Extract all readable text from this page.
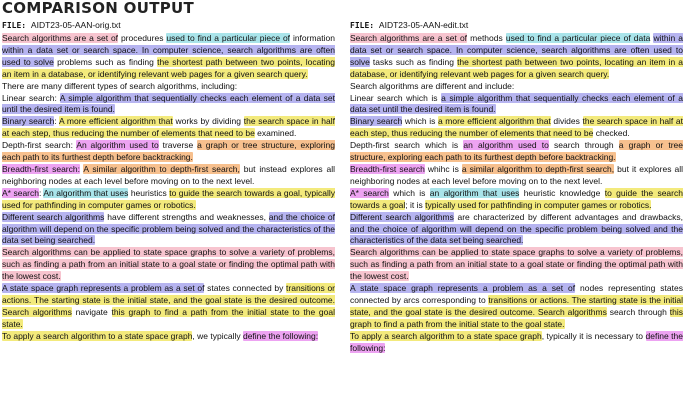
COMPARISON OUTPUT
FILE: AIDT23-05-AAN-orig.txt

Search algorithms are a set of procedures used to find a particular piece of information within a data set or search space. In computer science, search algorithms are often used to solve problems such as finding the shortest path between two points, locating an item in a database, or identifying relevant web pages for a given search query.

There are many different types of search algorithms, including:

Linear search: A simple algorithm that sequentially checks each element of a data set until the desired item is found.

Binary search: A more efficient algorithm that works by dividing the search space in half at each step, thus reducing the number of elements that need to be examined.

Depth-first search: An algorithm used to traverse a graph or tree structure, exploring each path to its furthest depth before backtracking.

Breadth-first search: A similar algorithm to depth-first search, but instead explores all neighboring nodes at each level before moving on to the next level.

A* search: An algorithm that uses heuristics to guide the search towards a goal, typically used for pathfinding in computer games or robotics.

Different search algorithms have different strengths and weaknesses, and the choice of algorithm will depend on the specific problem being solved and the characteristics of the data set being searched.

Search algorithms can be applied to state space graphs to solve a variety of problems, such as finding a path from an initial state to a goal state or finding the optimal path with the lowest cost.

A state space graph represents a problem as a set of states connected by transitions or actions. The starting state is the initial state, and the goal state is the desired outcome. Search algorithms navigate this graph to find a path from the initial state to the goal state.

To apply a search algorithm to a state space graph, we typically define the following:

FILE: AIDT23-05-AAN-edit.txt

Search algorithms are a set of methods used to find a particular piece of data within a data set or search space. In computer science, search algorithms are often used to solve tasks such as finding the shortest path between two points, locating an item in a database, or identifying relevant web pages for a given search query.

Search algorithms are different and include:

Linear search which is a simple algorithm that sequentially checks each element of a data set until the desired item is found.

Binary search which is a more efficient algorithm that divides the search space in half at each step, thus reducing the number of elements that need to be checked.

Depth-first search which is an algorithm used to search through a graph or tree structure, exploring each path to its furthest depth before backtracking.

Breadth-first search whihc is a similar algorithm to depth-first search, but it explores all neighboring nodes at each level before moving on to the next level.

A* search which is an algorithm that uses heuristic knowledge to guide the search towards a goal; it is typically used for pathfinding in computer games or robotics.

Different search algorithms are characterized by different advantages and drawbacks, and the choice of algorithm will depend on the specific problem being solved and the characteristics of the data set being searched.

Search algorithms can be applied to state space graphs to solve a variety of problems, such as finding a path from an initial state to a goal state or finding the optimal path with the lowest cost.

A state space graph represents a problem as a set of nodes representing states connected by arcs corresponding to transitions or actions. The starting state is the initial state, and the goal state is the desired outcome. Search algorithms search through this graph to find a path from the initial state to the goal state.

To apply a search algorithm to a state space graph, typically it is necessary to define the following:
